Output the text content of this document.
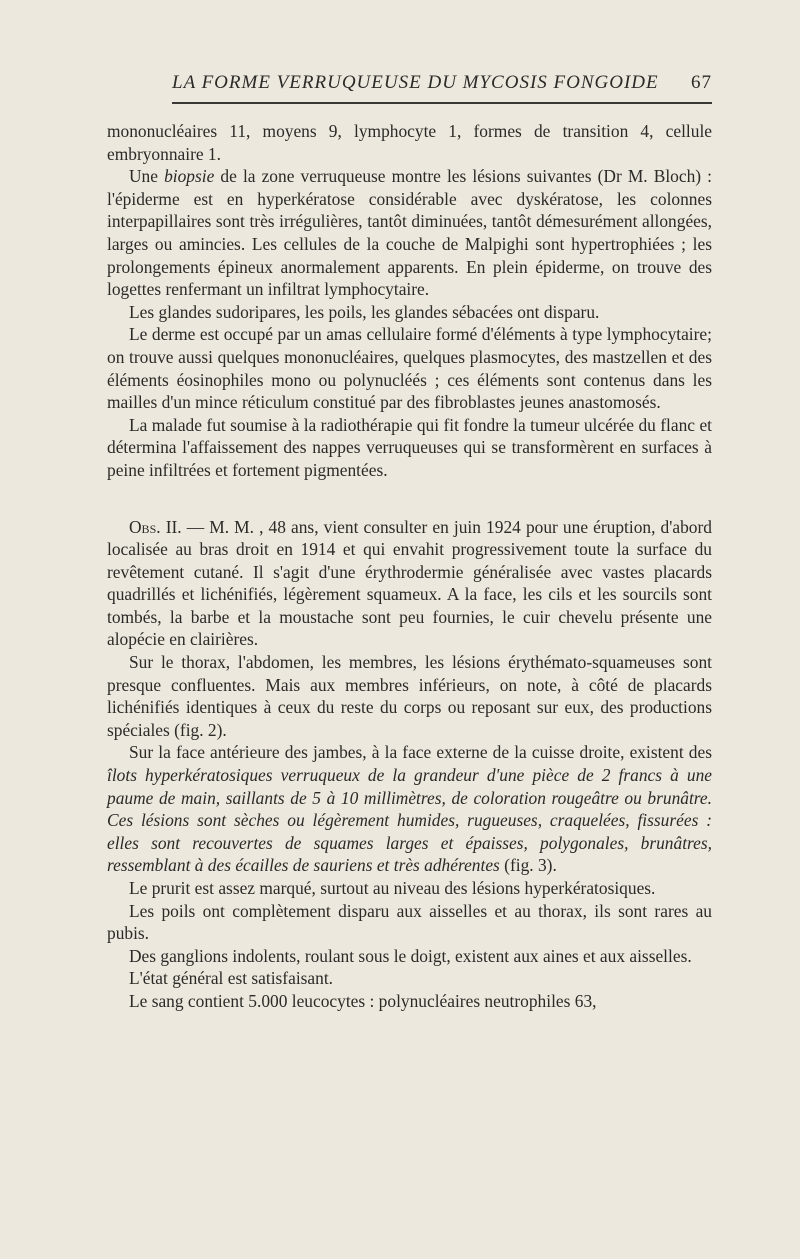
LA FORME VERRUQUEUSE DU MYCOSIS FONGOIDE 67

mononucléaires 11, moyens 9, lymphocyte 1, formes de transition 4, cellule embryonnaire 1.

Une biopsie de la zone verruqueuse montre les lésions suivantes (Dr M. Bloch) : l'épiderme est en hyperkératose considérable avec dyskératose, les colonnes interpapillaires sont très irrégulières, tantôt diminuées, tantôt démesurément allongées, larges ou amincies. Les cellules de la couche de Malpighi sont hypertrophiées ; les prolongements épineux anormalement apparents. En plein épiderme, on trouve des logettes renfermant un infiltrat lymphocytaire.

Les glandes sudoripares, les poils, les glandes sébacées ont disparu.

Le derme est occupé par un amas cellulaire formé d'éléments à type lymphocytaire; on trouve aussi quelques mononucléaires, quelques plasmocytes, des mastzellen et des éléments éosinophiles mono ou polynucléés ; ces éléments sont contenus dans les mailles d'un mince réticulum constitué par des fibroblastes jeunes anastomosés.

La malade fut soumise à la radiothérapie qui fit fondre la tumeur ulcérée du flanc et détermina l'affaissement des nappes verruqueuses qui se transformèrent en surfaces à peine infiltrées et fortement pigmentées.

Obs. II. — M. M. , 48 ans, vient consulter en juin 1924 pour une éruption, d'abord localisée au bras droit en 1914 et qui envahit progressivement toute la surface du revêtement cutané. Il s'agit d'une érythrodermie généralisée avec vastes placards quadrillés et lichénifiés, légèrement squameux. A la face, les cils et les sourcils sont tombés, la barbe et la moustache sont peu fournies, le cuir chevelu présente une alopécie en clairières.

Sur le thorax, l'abdomen, les membres, les lésions érythémato-squameuses sont presque confluentes. Mais aux membres inférieurs, on note, à côté de placards lichénifiés identiques à ceux du reste du corps ou reposant sur eux, des productions spéciales (fig. 2).

Sur la face antérieure des jambes, à la face externe de la cuisse droite, existent des îlots hyperkératosiques verruqueux de la grandeur d'une pièce de 2 francs à une paume de main, saillants de 5 à 10 millimètres, de coloration rougeâtre ou brunâtre. Ces lésions sont sèches ou légèrement humides, rugueuses, craquelées, fissurées : elles sont recouvertes de squames larges et épaisses, polygonales, brunâtres, ressemblant à des écailles de sauriens et très adhérentes (fig. 3).

Le prurit est assez marqué, surtout au niveau des lésions hyperkératosiques.

Les poils ont complètement disparu aux aisselles et au thorax, ils sont rares au pubis.

Des ganglions indolents, roulant sous le doigt, existent aux aines et aux aisselles.

L'état général est satisfaisant.

Le sang contient 5.000 leucocytes : polynucléaires neutrophiles 63,
